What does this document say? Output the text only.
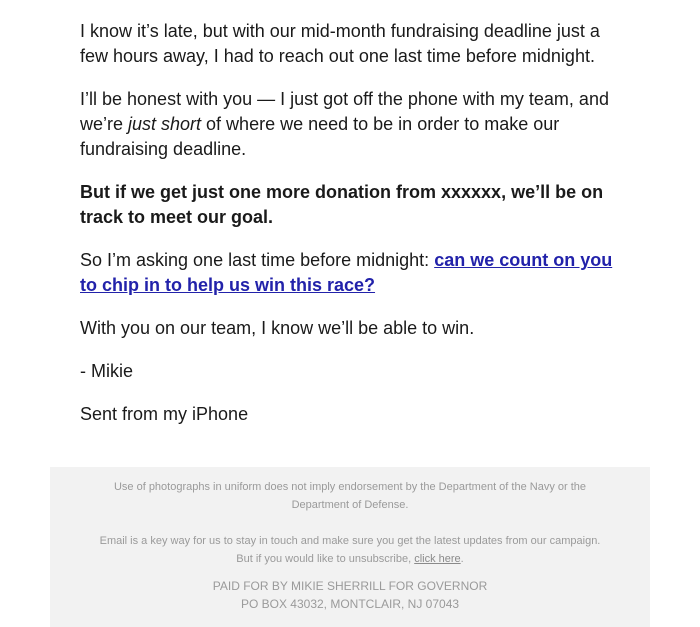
I know it’s late, but with our mid-month fundraising deadline just a few hours away, I had to reach out one last time before midnight.

I’ll be honest with you — I just got off the phone with my team, and we’re just short of where we need to be in order to make our fundraising deadline.

But if we get just one more donation from xxxxxx, we’ll be on track to meet our goal.

So I’m asking one last time before midnight: can we count on you to chip in to help us win this race?

With you on our team, I know we’ll be able to win.

- Mikie

Sent from my iPhone

Use of photographs in uniform does not imply endorsement by the Department of the Navy or the Department of Defense.

Email is a key way for us to stay in touch and make sure you get the latest updates from our campaign.
But if you would like to unsubscribe, click here.

PAID FOR BY MIKIE SHERRILL FOR GOVERNOR
PO BOX 43032, MONTCLAIR, NJ 07043
